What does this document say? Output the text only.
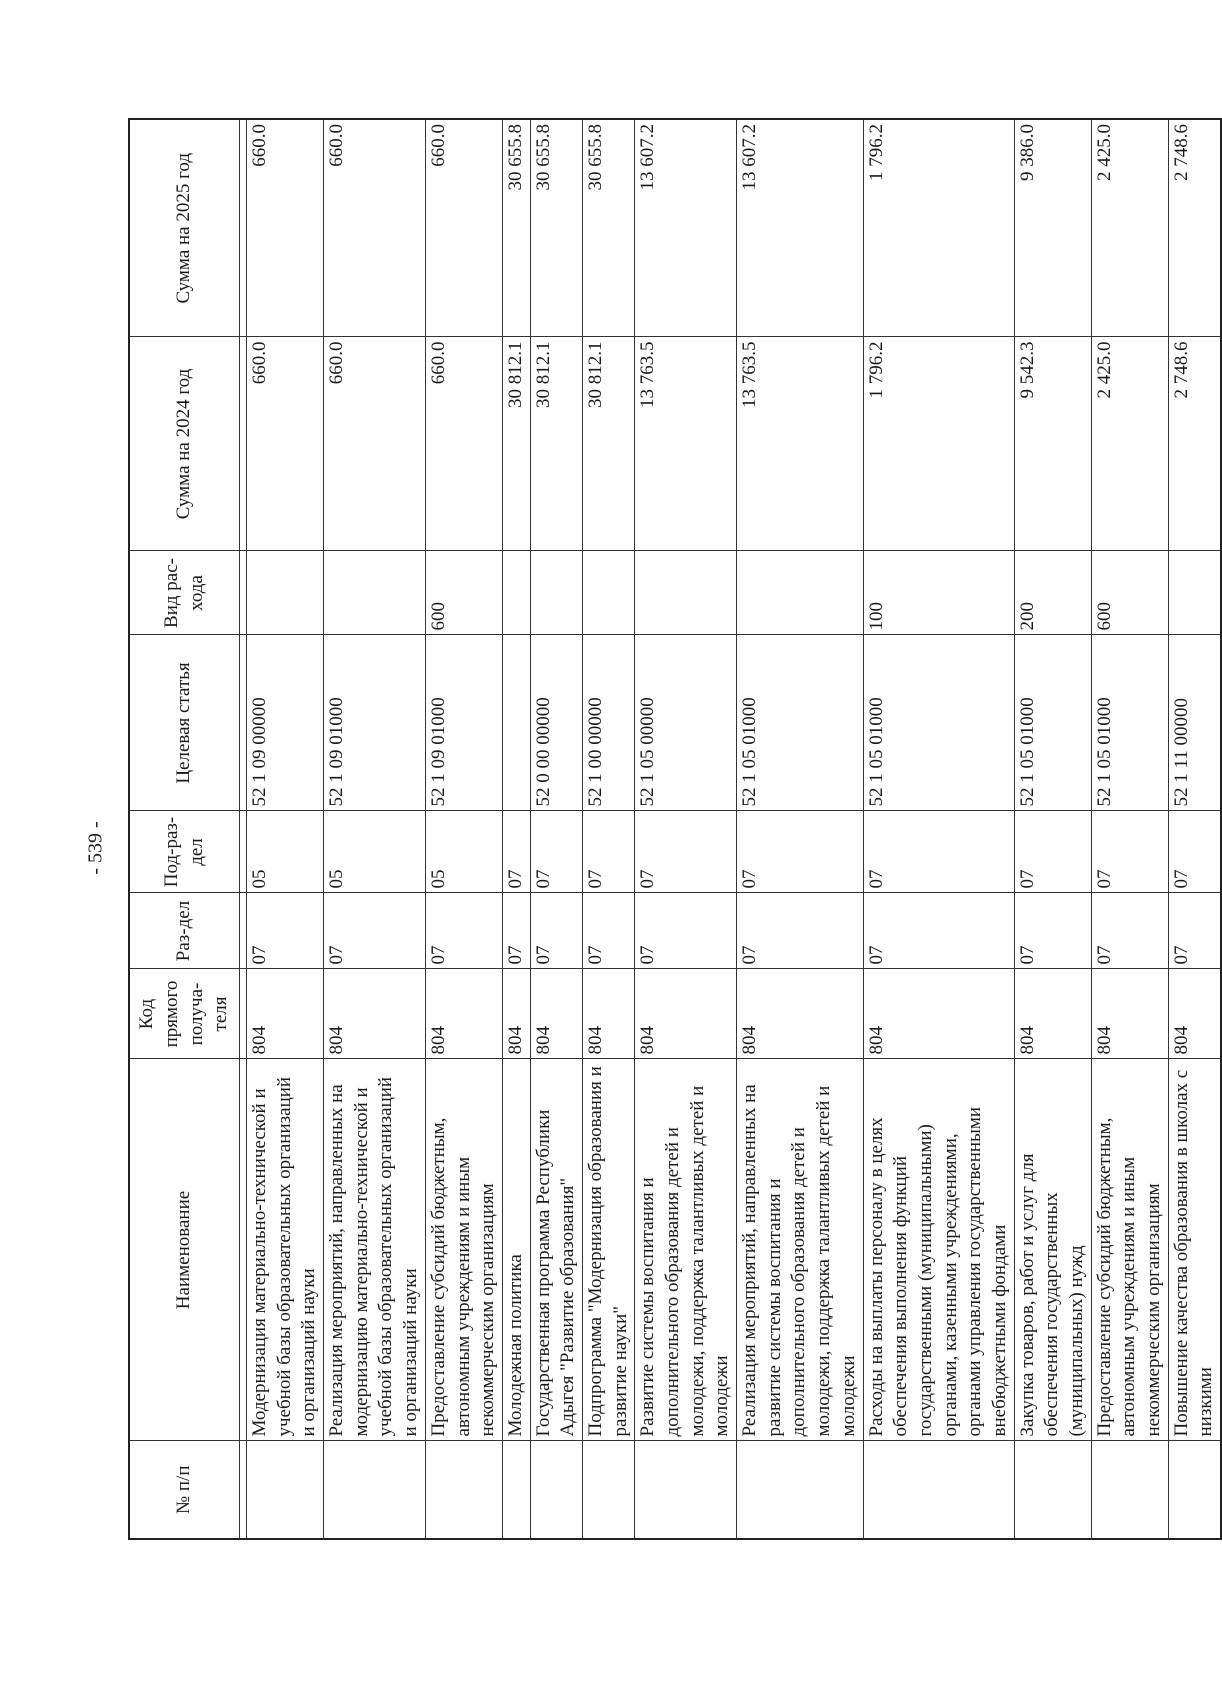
- 539 -
№ п/п	Наименование	Код прямого получа-теля	Раз-дел	Под-раз-дел	Целевая статья	Вид рас-хода	Сумма на 2024 год	Сумма на 2025 год

	Модернизация материально-технической и учебной базы образовательных организаций и организаций науки	804	07	05	52 1 09 00000		660.0	660.0
	Реализация мероприятий, направленных на модернизацию материально-технической и учебной базы образовательных организаций и организаций науки	804	07	05	52 1 09 01000		660.0	660.0
	Предоставление субсидий бюджетным, автономным учреждениям и иным некоммерческим организациям	804	07	05	52 1 09 01000	600	660.0	660.0
	Молодежная политика	804	07	07			30 812.1	30 655.8
	Государственная программа Республики Адыгея "Развитие образования"	804	07	07	52 0 00 00000		30 812.1	30 655.8
	Подпрограмма "Модернизация образования и развитие науки"	804	07	07	52 1 00 00000		30 812.1	30 655.8
	Развитие системы воспитания и дополнительного образования детей и молодежи, поддержка талантливых детей и молодежи	804	07	07	52 1 05 00000		13 763.5	13 607.2
	Реализация мероприятий, направленных на развитие системы воспитания и дополнительного образования детей и молодежи, поддержка талантливых детей и молодежи	804	07	07	52 1 05 01000		13 763.5	13 607.2
	Расходы на выплаты персоналу в целях обеспечения выполнения функций государственными (муниципальными) органами, казенными учреждениями, органами управления государственными внебюджетными фондами	804	07	07	52 1 05 01000	100	1 796.2	1 796.2
	Закупка товаров, работ и услуг для обеспечения государственных (муниципальных) нужд	804	07	07	52 1 05 01000	200	9 542.3	9 386.0
	Предоставление субсидий бюджетным, автономным учреждениям и иным некоммерческим организациям	804	07	07	52 1 05 01000	600	2 425.0	2 425.0
	Повышение качества образования в школах с низкими	804	07	07	52 1 11 00000		2 748.6	2 748.6
